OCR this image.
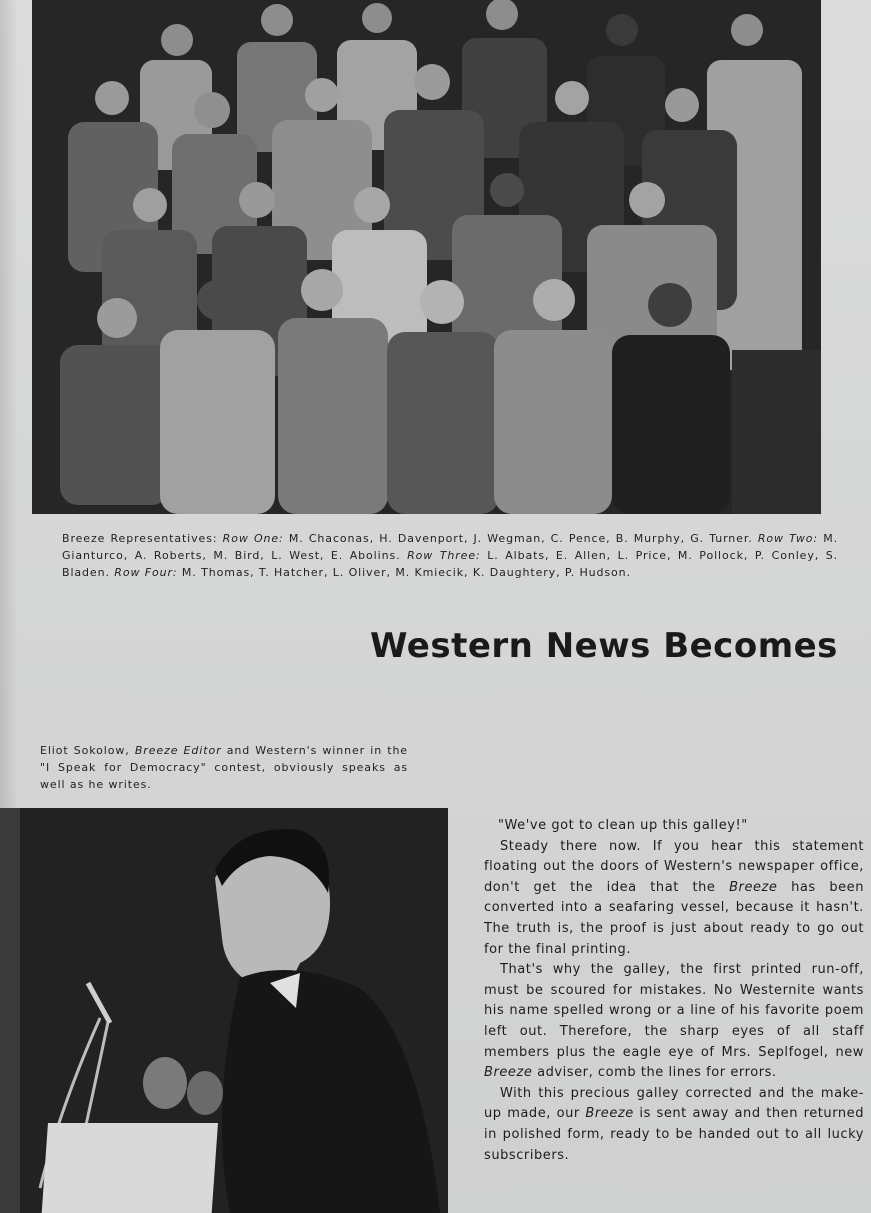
Breeze Representatives: Row One: M. Chaconas, H. Davenport, J. Wegman, C. Pence, B. Murphy, G. Turner. Row Two: M. Gianturco, A. Roberts, M. Bird, L. West, E. Abolins. Row Three: L. Albats, E. Allen, L. Price, M. Pollock, P. Conley, S. Bladen. Row Four: M. Thomas, T. Hatcher, L. Oliver, M. Kmiecik, K. Daughtery, P. Hudson.
Western News Becomes
Eliot Sokolow, Breeze Editor and Western's winner in the "I Speak for Democracy" contest, obviously speaks as well as he writes.

"We've got to clean up this galley!"

Steady there now. If you hear this statement floating out the doors of Western's newspaper office, don't get the idea that the Breeze has been converted into a seafaring vessel, because it hasn't. The truth is, the proof is just about ready to go out for the final printing.

That's why the galley, the first printed run-off, must be scoured for mistakes. No Westernite wants his name spelled wrong or a line of his favorite poem left out. Therefore, the sharp eyes of all staff members plus the eagle eye of Mrs. Seplfogel, new Breeze adviser, comb the lines for errors.

With this precious galley corrected and the make-up made, our Breeze is sent away and then returned in polished form, ready to be handed out to all lucky subscribers.
